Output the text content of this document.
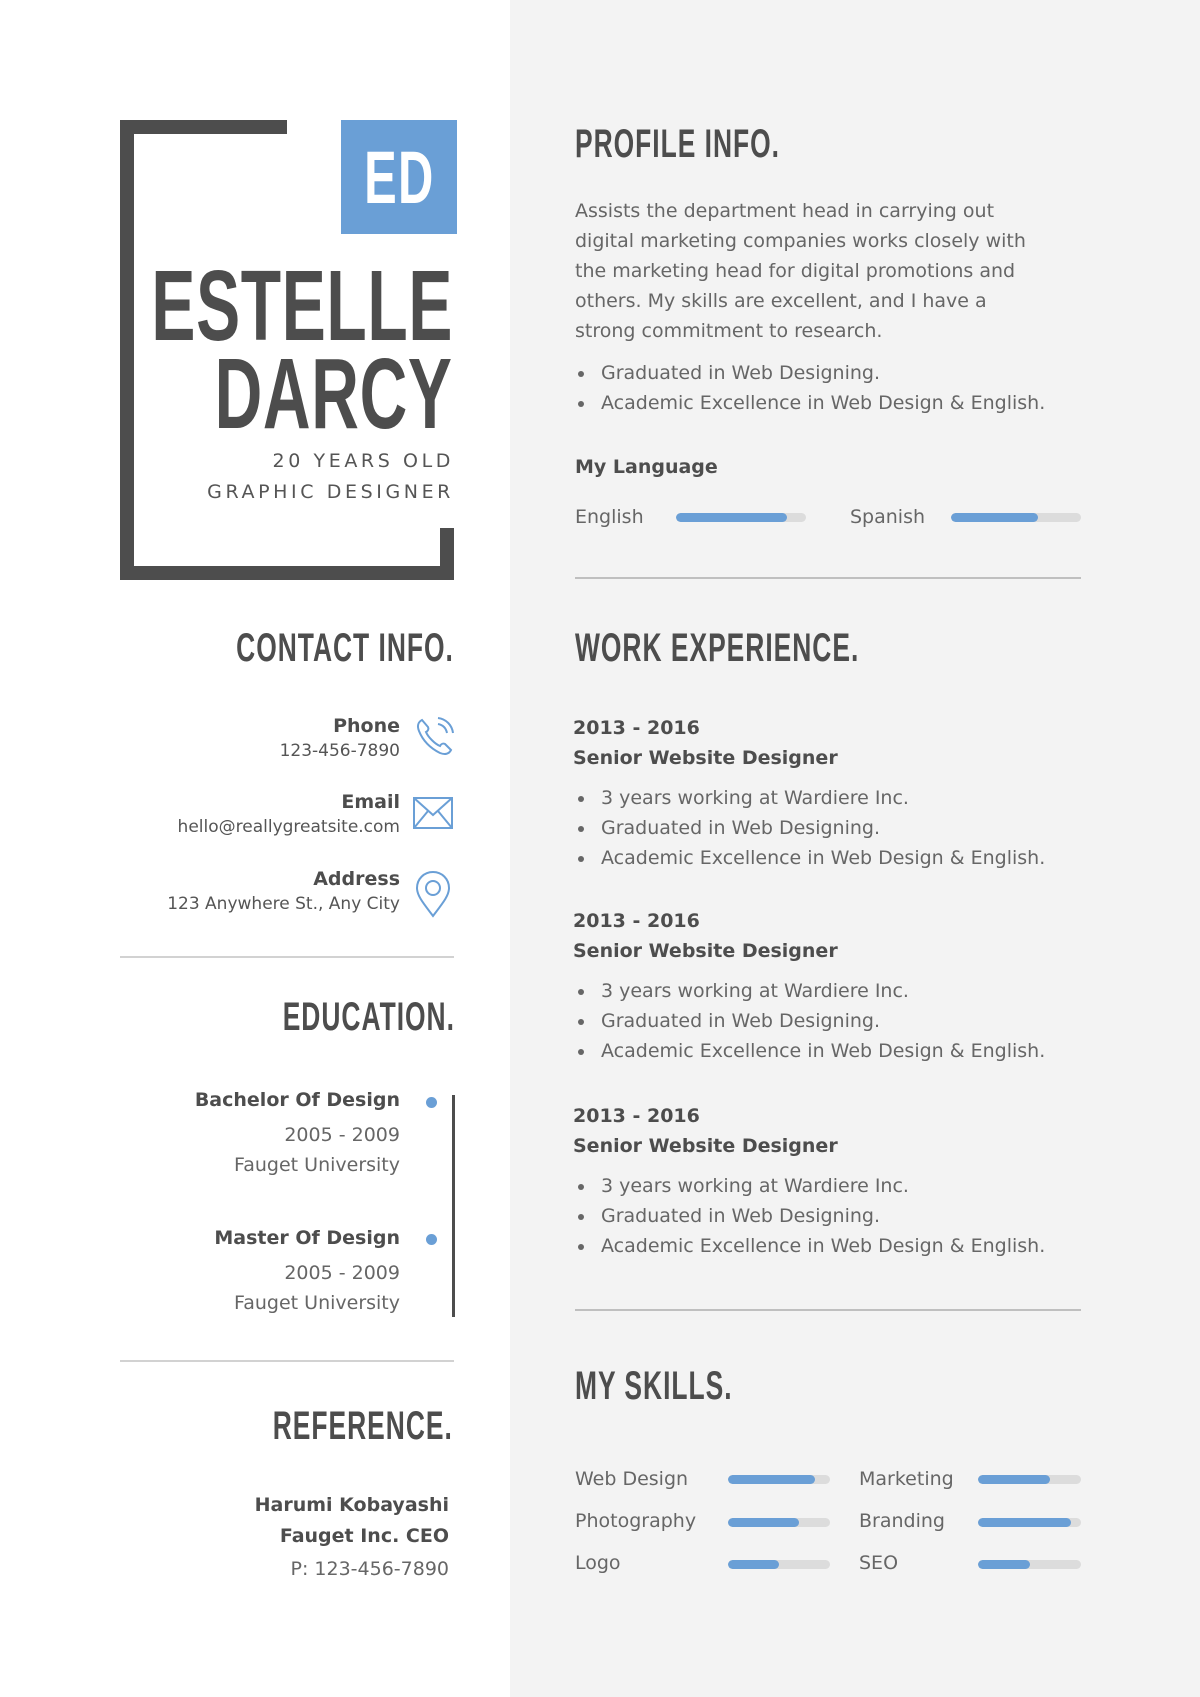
ED
ESTELLE
DARCY
20 YEARS OLD
GRAPHIC DESIGNER
CONTACT INFO.
Phone
123-456-7890
Email
hello@reallygreatsite.com
Address
123 Anywhere St., Any City
EDUCATION.
Bachelor Of Design
2005 - 2009
Fauget University
Master Of Design
2005 - 2009
Fauget University
REFERENCE.
Harumi Kobayashi
Fauget Inc. CEO
P: 123-456-7890
PROFILE INFO.
Assists the department head in carrying out
digital marketing companies works closely with
the marketing head for digital promotions and
others. My skills are excellent, and I have a
strong commitment to research.
Graduated in Web Designing.
Academic Excellence in Web Design & English.
My Language
English	Spanish
WORK EXPERIENCE.
2013 - 2016
Senior Website Designer
3 years working at Wardiere Inc.
Graduated in Web Designing.
Academic Excellence in Web Design & English.
2013 - 2016
Senior Website Designer
3 years working at Wardiere Inc.
Graduated in Web Designing.
Academic Excellence in Web Design & English.
2013 - 2016
Senior Website Designer
3 years working at Wardiere Inc.
Graduated in Web Designing.
Academic Excellence in Web Design & English.
MY SKILLS.
Web Design	Marketing
Photography	Branding
Logo	SEO
